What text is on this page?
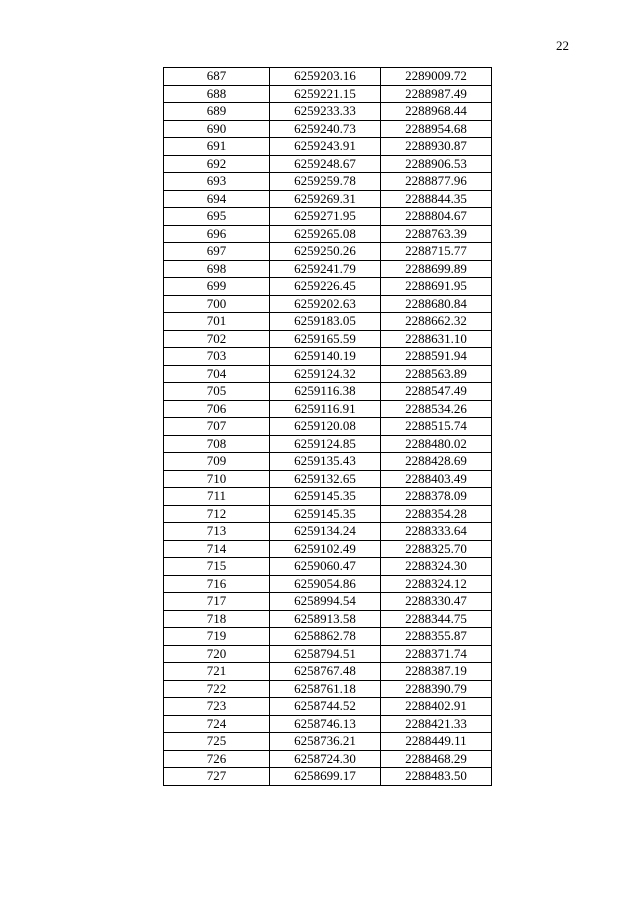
22
687	6259203.16	2289009.72
688	6259221.15	2288987.49
689	6259233.33	2288968.44
690	6259240.73	2288954.68
691	6259243.91	2288930.87
692	6259248.67	2288906.53
693	6259259.78	2288877.96
694	6259269.31	2288844.35
695	6259271.95	2288804.67
696	6259265.08	2288763.39
697	6259250.26	2288715.77
698	6259241.79	2288699.89
699	6259226.45	2288691.95
700	6259202.63	2288680.84
701	6259183.05	2288662.32
702	6259165.59	2288631.10
703	6259140.19	2288591.94
704	6259124.32	2288563.89
705	6259116.38	2288547.49
706	6259116.91	2288534.26
707	6259120.08	2288515.74
708	6259124.85	2288480.02
709	6259135.43	2288428.69
710	6259132.65	2288403.49
711	6259145.35	2288378.09
712	6259145.35	2288354.28
713	6259134.24	2288333.64
714	6259102.49	2288325.70
715	6259060.47	2288324.30
716	6259054.86	2288324.12
717	6258994.54	2288330.47
718	6258913.58	2288344.75
719	6258862.78	2288355.87
720	6258794.51	2288371.74
721	6258767.48	2288387.19
722	6258761.18	2288390.79
723	6258744.52	2288402.91
724	6258746.13	2288421.33
725	6258736.21	2288449.11
726	6258724.30	2288468.29
727	6258699.17	2288483.50
